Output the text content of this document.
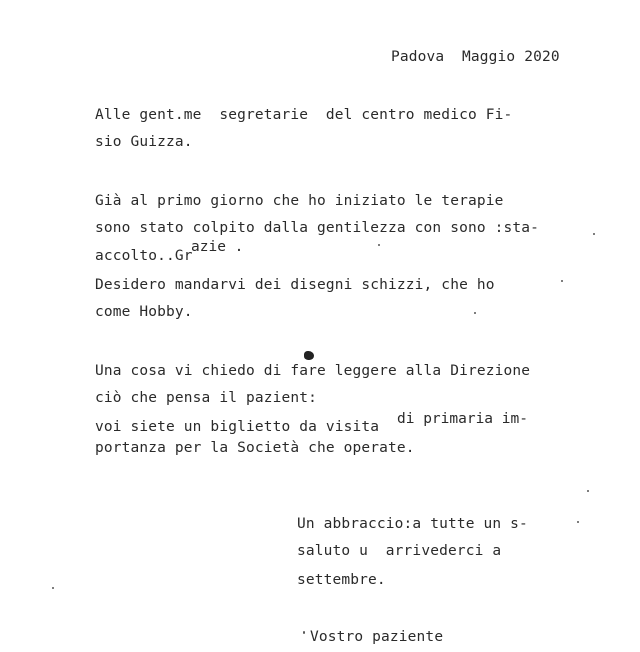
Padova  Maggio 2020
Alle gent.me  segretarie  del centro medico Fi-
sio Guizza.
Già al primo giorno che ho iniziato le terapie
sono stato colpito dalla gentilezza con sono :sta-
accolto..Gr
azie .
Desidero mandarvi dei disegni schizzi, che ho
come Hobby.
Una cosa vi chiedo di fare leggere alla Direzione
ciò che pensa il pazient:
voi siete un biglietto da visita di primaria im-
portanza per la Società che operate.
Un abbraccio:a tutte un s-
saluto u  arrivederci a
settembre.
Vostro paziente
